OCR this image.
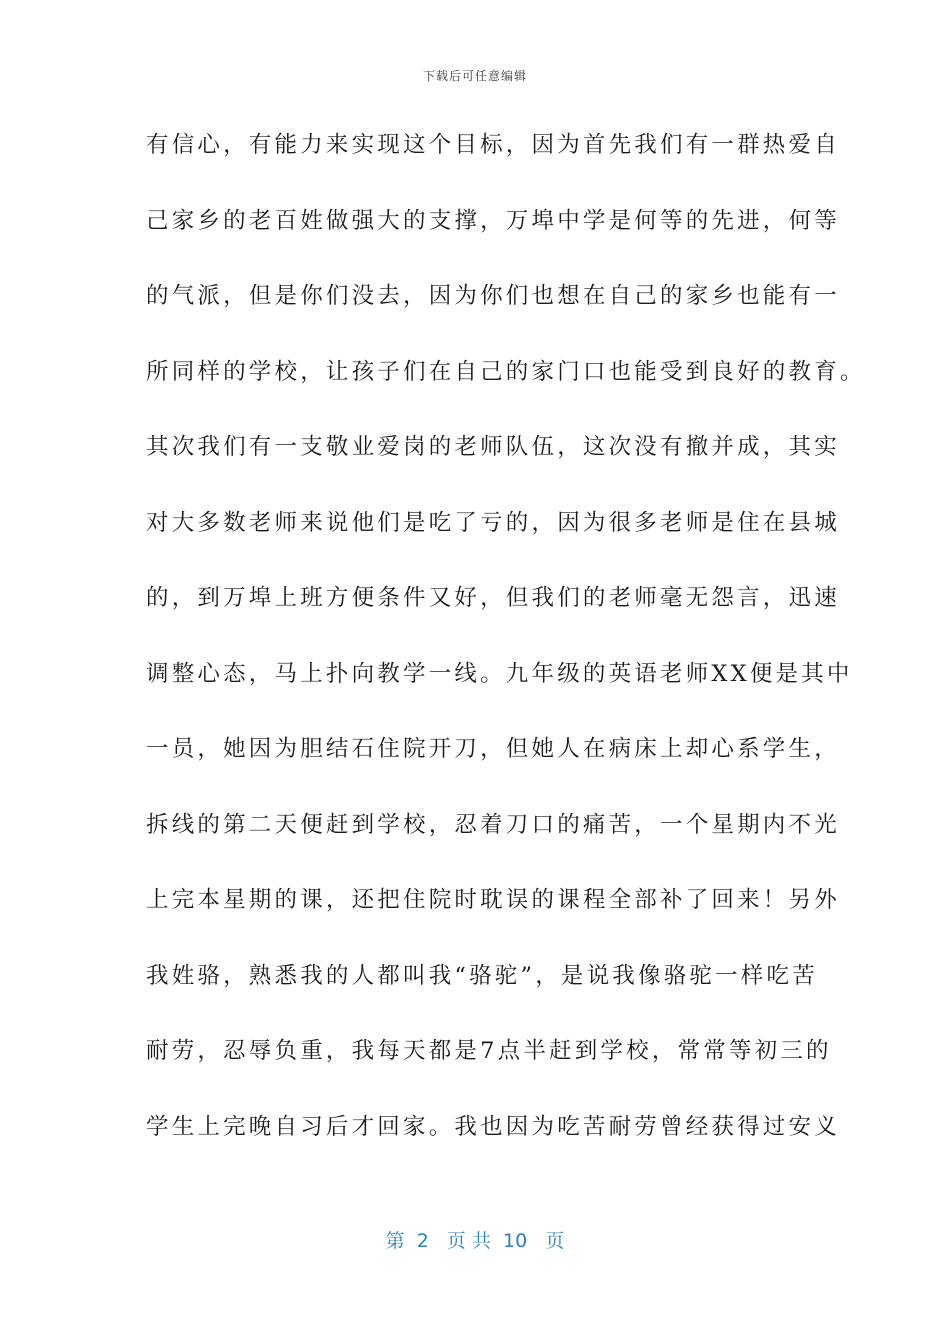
下载后可任意编辑
有信心，有能力来实现这个目标，因为首先我们有一群热爱自
己家乡的老百姓做强大的支撑，万埠中学是何等的先进，何等
的气派，但是你们没去，因为你们也想在自己的家乡也能有一
所同样的学校，让孩子们在自己的家门口也能受到良好的教育。
其次我们有一支敬业爱岗的老师队伍，这次没有撤并成，其实
对大多数老师来说他们是吃了亏的，因为很多老师是住在县城
的，到万埠上班方便条件又好，但我们的老师毫无怨言，迅速
调整心态，马上扑向教学一线。九年级的英语老师XX便是其中
一员，她因为胆结石住院开刀，但她人在病床上却心系学生，
拆线的第二天便赶到学校，忍着刀口的痛苦，一个星期内不光
上完本星期的课，还把住院时耽误的课程全部补了回来！另外
我姓骆，熟悉我的人都叫我“骆驼”，是说我像骆驼一样吃苦
耐劳，忍辱负重，我每天都是7点半赶到学校，常常等初三的
学生上完晚自习后才回家。我也因为吃苦耐劳曾经获得过安义
第  2   页 共  10   页
